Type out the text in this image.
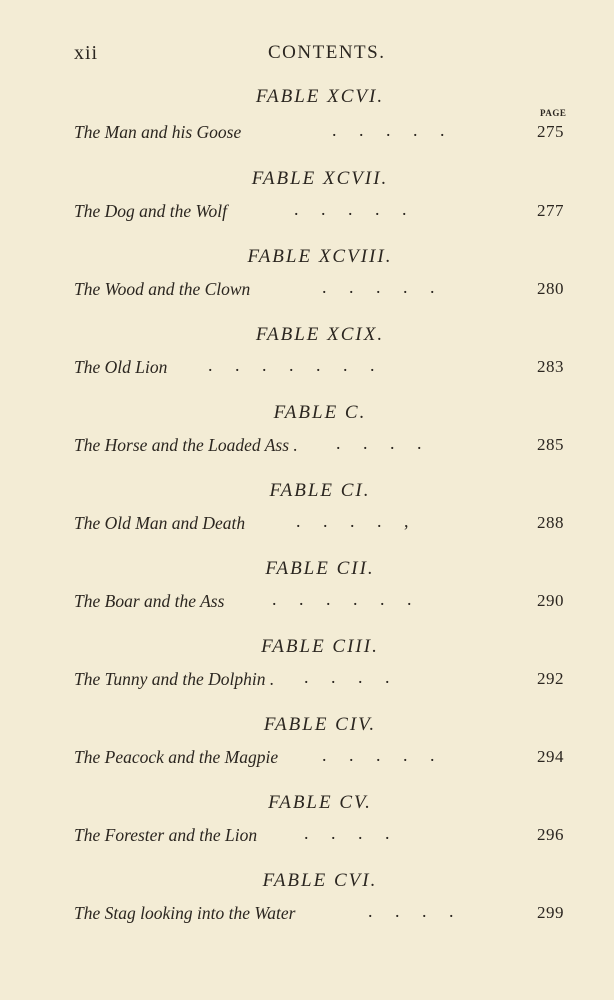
xii	CONTENTS.
PAGE
FABLE XCVI.
The Man and his Goose	.     .     .     .     .	275
FABLE XCVII.
The Dog and the Wolf	.     .     .     .     .	277
FABLE XCVIII.
The Wood and the Clown	.     .     .     .     .	280
FABLE XCIX.
The Old Lion .     .     .     .     .     .     .	283
FABLE C.
The Horse and the Loaded Ass . .     .     .     .	285
FABLE CI.
The Old Man and Death	.     .     .     .     ,	288
FABLE CII.
The Boar and the Ass	.     .     .     .     .     .	290
FABLE CIII.
The Tunny and the Dolphin . .     .     .     .	292
FABLE CIV.
The Peacock and the Magpie .     .     .     .     .	294
FABLE CV.
The Forester and the Lion	.     .     .     .	296
FABLE CVI.
The Stag looking into the Water	.     .     .     .	299
